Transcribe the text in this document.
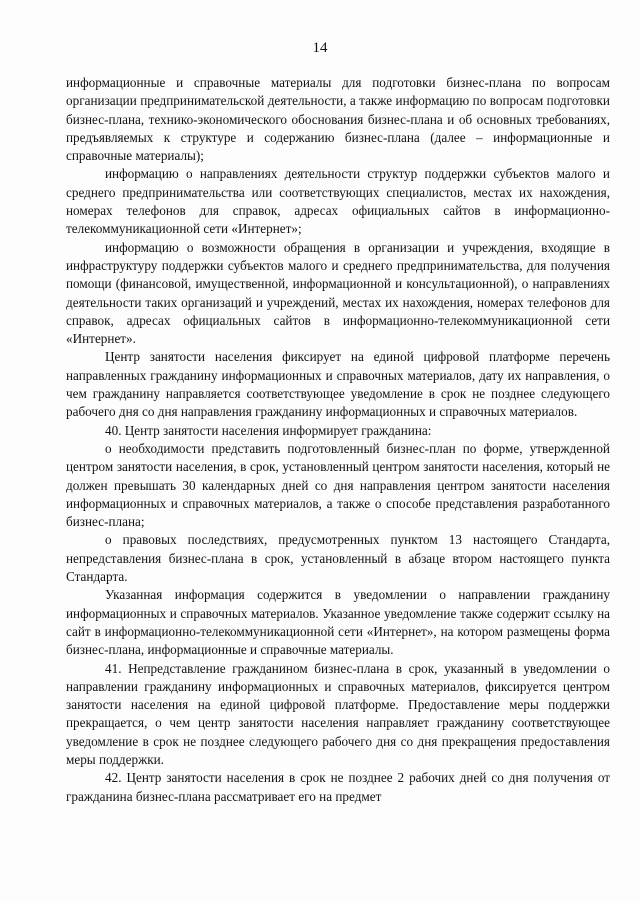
14

информационные и справочные материалы для подготовки бизнес-плана по вопросам организации предпринимательской деятельности, а также информацию по вопросам подготовки бизнес-плана, технико-экономического обоснования бизнес-плана и об основных требованиях, предъявляемых к структуре и содержанию бизнес-плана (далее – информационные и справочные материалы);

информацию о направлениях деятельности структур поддержки субъектов малого и среднего предпринимательства или соответствующих специалистов, местах их нахождения, номерах телефонов для справок, адресах официальных сайтов в информационно-телекоммуникационной сети «Интернет»;

информацию о возможности обращения в организации и учреждения, входящие в инфраструктуру поддержки субъектов малого и среднего предпринимательства, для получения помощи (финансовой, имущественной, информационной и консультационной), о направлениях деятельности таких организаций и учреждений, местах их нахождения, номерах телефонов для справок, адресах официальных сайтов в информационно-телекоммуникационной сети «Интернет».

Центр занятости населения фиксирует на единой цифровой платформе перечень направленных гражданину информационных и справочных материалов, дату их направления, о чем гражданину направляется соответствующее уведомление в срок не позднее следующего рабочего дня со дня направления гражданину информационных и справочных материалов.

40. Центр занятости населения информирует гражданина:

о необходимости представить подготовленный бизнес-план по форме, утвержденной центром занятости населения, в срок, установленный центром занятости населения, который не должен превышать 30 календарных дней со дня направления центром занятости населения информационных и справочных материалов, а также о способе представления разработанного бизнес-плана;

о правовых последствиях, предусмотренных пунктом 13 настоящего Стандарта, непредставления бизнес-плана в срок, установленный в абзаце втором настоящего пункта Стандарта.

Указанная информация содержится в уведомлении о направлении гражданину информационных и справочных материалов. Указанное уведомление также содержит ссылку на сайт в информационно-телекоммуникационной сети «Интернет», на котором размещены форма бизнес-плана, информационные и справочные материалы.

41. Непредставление гражданином бизнес-плана в срок, указанный в уведомлении о направлении гражданину информационных и справочных материалов, фиксируется центром занятости населения на единой цифровой платформе. Предоставление меры поддержки прекращается, о чем центр занятости населения направляет гражданину соответствующее уведомление в срок не позднее следующего рабочего дня со дня прекращения предоставления меры поддержки.

42. Центр занятости населения в срок не позднее 2 рабочих дней со дня получения от гражданина бизнес-плана рассматривает его на предмет
